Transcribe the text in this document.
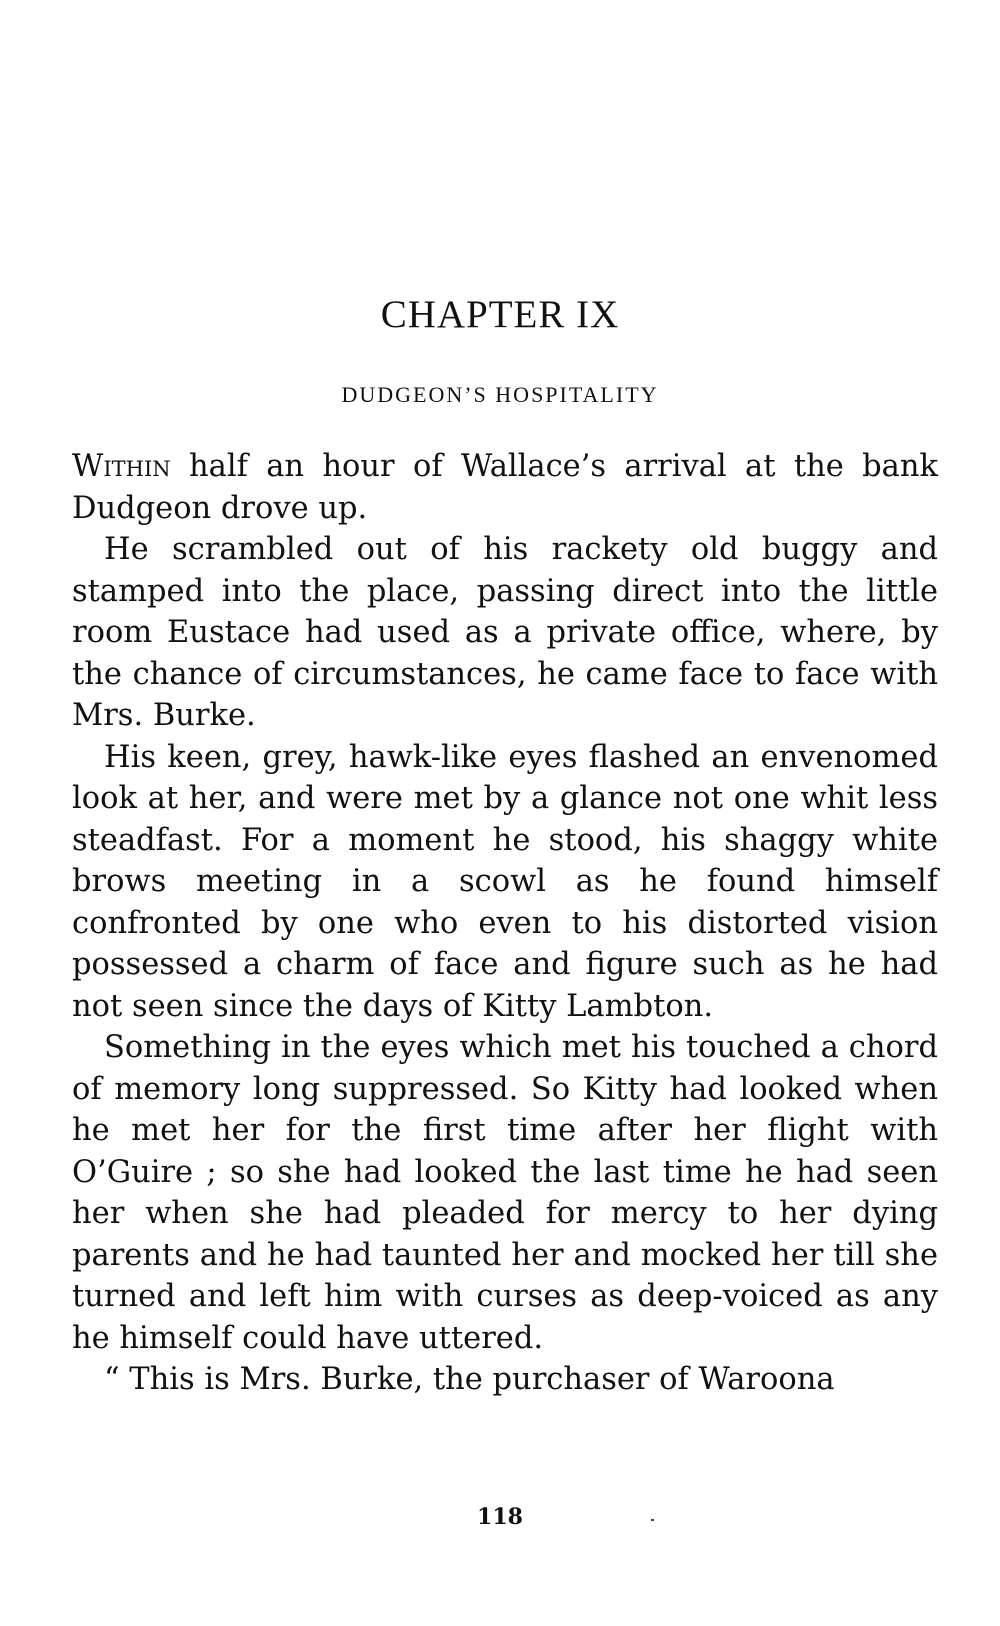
CHAPTER IX
DUDGEON’S HOSPITALITY

Within half an hour of Wallace’s arrival at the bank Dudgeon drove up.

He scrambled out of his rackety old buggy and stamped into the place, passing direct into the little room Eustace had used as a private office, where, by the chance of circumstances, he came face to face with Mrs. Burke.

His keen, grey, hawk-like eyes flashed an envenomed look at her, and were met by a glance not one whit less steadfast. For a moment he stood, his shaggy white brows meeting in a scowl as he found himself confronted by one who even to his distorted vision possessed a charm of face and figure such as he had not seen since the days of Kitty Lambton.

Something in the eyes which met his touched a chord of memory long suppressed. So Kitty had looked when he met her for the first time after her flight with O’Guire ; so she had looked the last time he had seen her when she had pleaded for mercy to her dying parents and he had taunted her and mocked her till she turned and left him with curses as deep-voiced as any he himself could have uttered.

“ This is Mrs. Burke, the purchaser of Waroona

118
